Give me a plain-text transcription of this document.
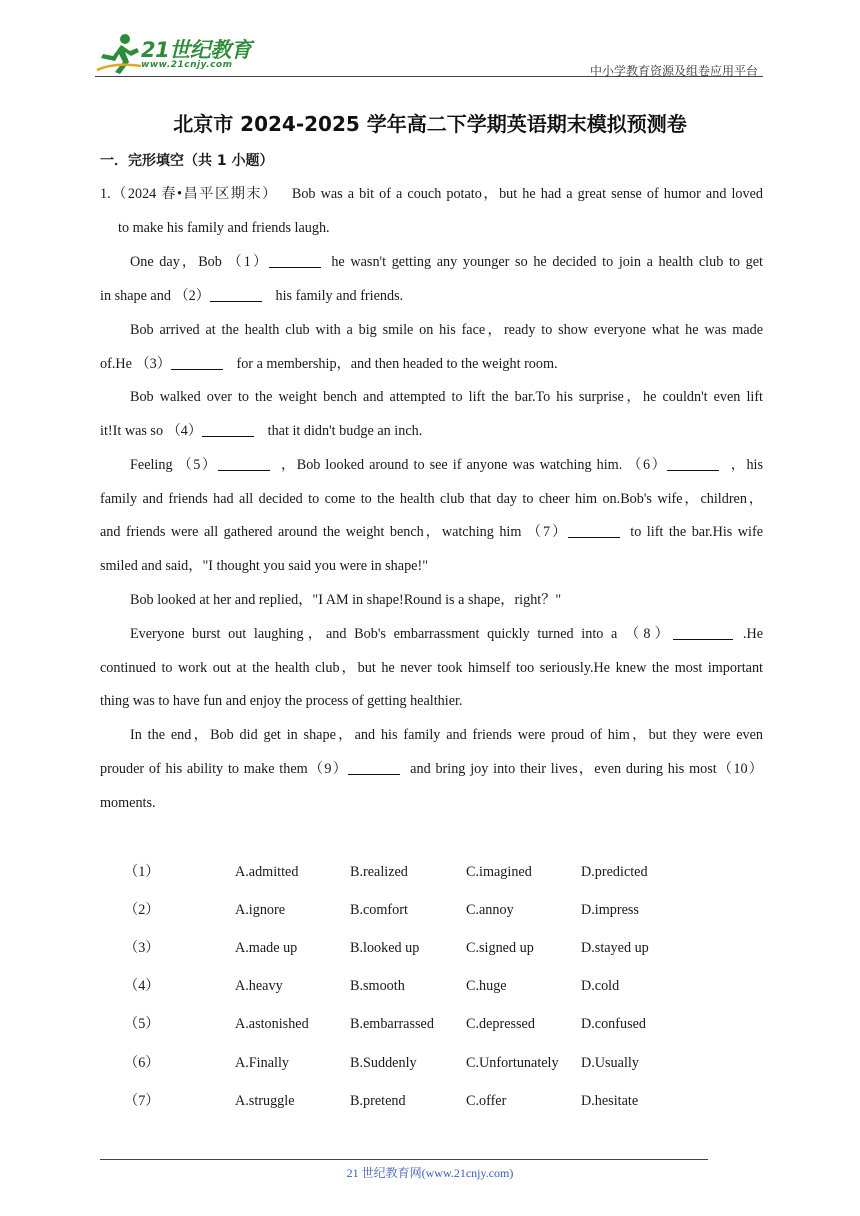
21世纪教育
www.21cnjy.com	中小学教育资源及组卷应用平台
北京市 2024-2025 学年高二下学期英语期末模拟预测卷
一．完形填空（共 1 小题）
1.（2024 春•昌平区期末） Bob was a bit of a couch potato，but he had a great sense of humor and loved
to make his family and friends laugh.
One day，Bob （1）	he wasn't getting any younger so he decided to join a health club to get
in shape and （2）	his family and friends.
Bob arrived at the health club with a big smile on his face，ready to show everyone what he was made
of.He （3）	for a membership，and then headed to the weight room.
Bob walked over to the weight bench and attempted to lift the bar.To his surprise，he couldn't even lift
it!It was so （4）	that it didn't budge an inch.
Feeling （5）	，Bob looked around to see if anyone was watching him. （6）	，his
family and friends had all decided to come to the health club that day to cheer him on.Bob's wife，children，
and friends were all gathered around the weight bench，watching him （7）	to lift the bar.His wife
smiled and said，"I thought you said you were in shape!"
Bob looked at her and replied，"I AM in shape!Round is a shape，right？"
Everyone burst out laughing，and Bob's embarrassment quickly turned into a （8）	.He
continued to work out at the health club，but he never took himself too seriously.He knew the most important
thing was to have fun and enjoy the process of getting healthier.
In the end，Bob did get in shape，and his family and friends were proud of him，but they were even
prouder of his ability to make them（9）	and bring joy into their lives，even during his most（10）
moments.
（1）	A.admitted	B.realized	C.imagined	D.predicted
（2）	A.ignore	B.comfort	C.annoy	D.impress
（3）	A.made up	B.looked up	C.signed up	D.stayed up
（4）	A.heavy	B.smooth	C.huge	D.cold
（5）	A.astonished	B.embarrassed C.depressed	D.confused
（6）	A.Finally	B.Suddenly	C.Unfortunately D.Usually
（7）	A.struggle	B.pretend	C.offer	D.hesitate
21 世纪教育网(www.21cnjy.com)
